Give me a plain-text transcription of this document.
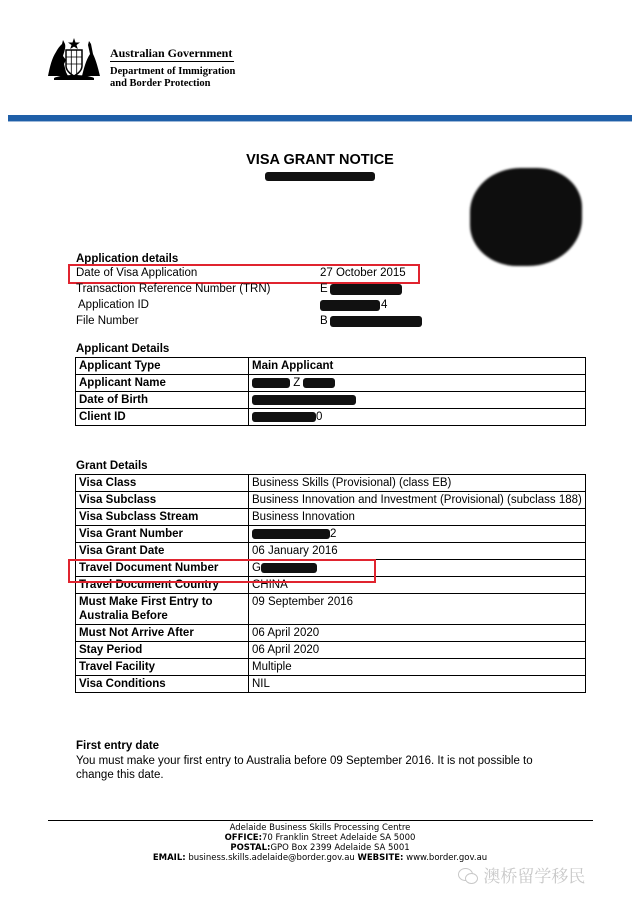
Australian Government
Department of Immigration
and Border Protection
VISA GRANT NOTICE
Application details
Date of Visa Application	27 October 2015
Transaction Reference Number (TRN)	E
Application ID	4
File Number	B
Applicant Details
Applicant Type	Main Applicant
Applicant Name	Z
Date of Birth	
Client ID	0
Grant Details
Visa Class	Business Skills (Provisional) (class EB)
Visa Subclass	Business Innovation and Investment (Provisional) (subclass 188)
Visa Subclass Stream	Business Innovation
Visa Grant Number	2
Visa Grant Date	06 January 2016
Travel Document Number	G
Travel Document Country	CHINA
Must Make First Entry to Australia Before	09 September 2016
Must Not Arrive After	06 April 2020
Stay Period	06 April 2020
Travel Facility	Multiple
Visa Conditions	NIL
First entry date
You must make your first entry to Australia before 09 September 2016. It is not possible to change this date.
Adelaide Business Skills Processing Centre
OFFICE:70 Franklin Street Adelaide SA 5000
POSTAL:GPO Box 2399 Adelaide SA 5001
EMAIL: business.skills.adelaide@border.gov.au WEBSITE: www.border.gov.au
澳桥留学移民
